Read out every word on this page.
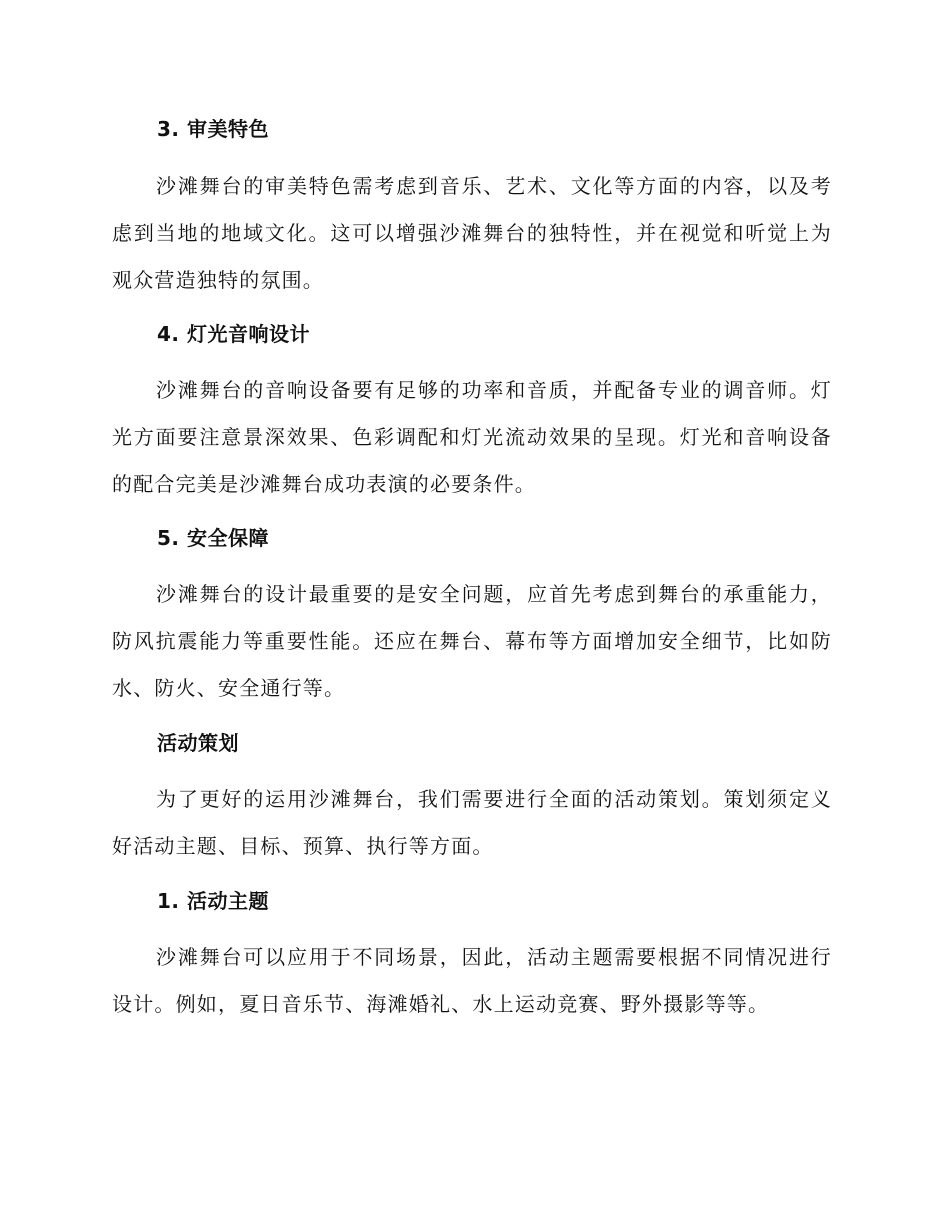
3. 审美特色

沙滩舞台的审美特色需考虑到音乐、艺术、文化等方面的内容，以及考虑到当地的地域文化。这可以增强沙滩舞台的独特性，并在视觉和听觉上为观众营造独特的氛围。

4. 灯光音响设计

沙滩舞台的音响设备要有足够的功率和音质，并配备专业的调音师。灯光方面要注意景深效果、色彩调配和灯光流动效果的呈现。灯光和音响设备的配合完美是沙滩舞台成功表演的必要条件。

5. 安全保障

沙滩舞台的设计最重要的是安全问题，应首先考虑到舞台的承重能力，防风抗震能力等重要性能。还应在舞台、幕布等方面增加安全细节，比如防水、防火、安全通行等。

活动策划

为了更好的运用沙滩舞台，我们需要进行全面的活动策划。策划须定义好活动主题、目标、预算、执行等方面。

1. 活动主题

沙滩舞台可以应用于不同场景，因此，活动主题需要根据不同情况进行设计。例如，夏日音乐节、海滩婚礼、水上运动竞赛、野外摄影等等。
